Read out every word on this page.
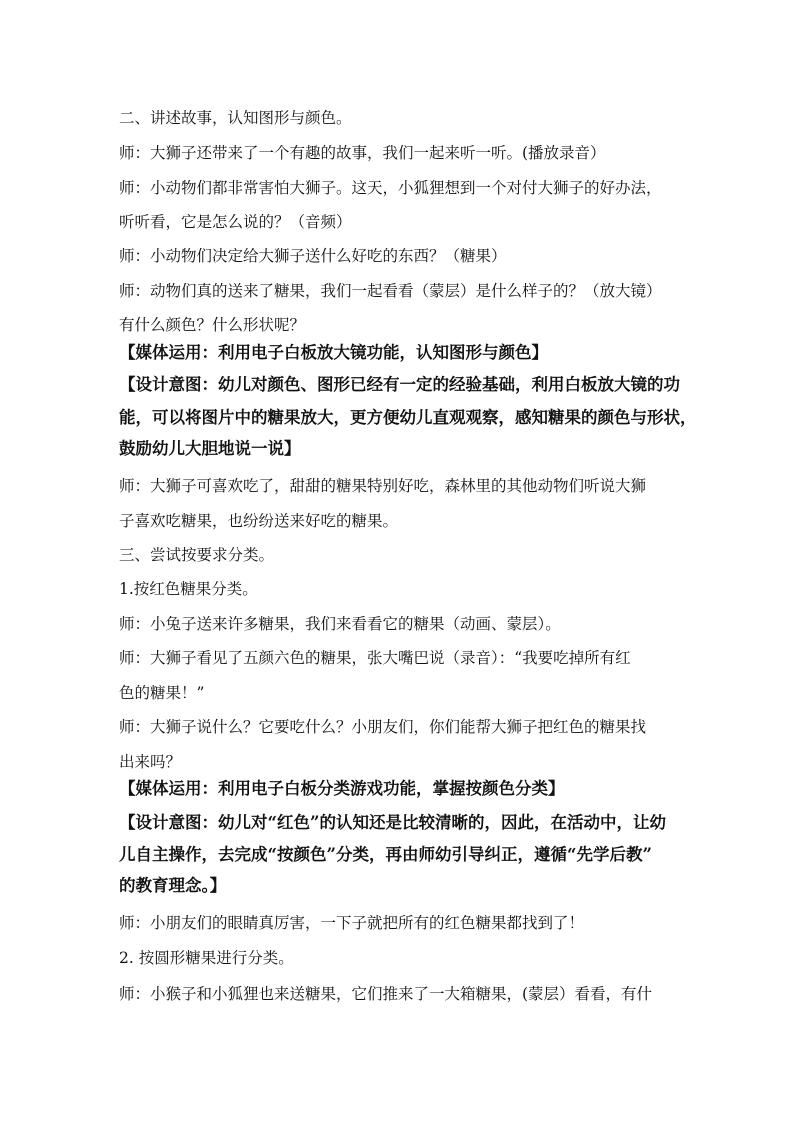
二、讲述故事，认知图形与颜色。
师：大狮子还带来了一个有趣的故事，我们一起来听一听。(播放录音）
师：小动物们都非常害怕大狮子。这天，小狐狸想到一个对付大狮子的好办法，
听听看，它是怎么说的？（音频）
师：小动物们决定给大狮子送什么好吃的东西？（糖果）
师：动物们真的送来了糖果，我们一起看看（蒙层）是什么样子的？（放大镜）
有什么颜色？什么形状呢？
【媒体运用：利用电子白板放大镜功能，认知图形与颜色】
【设计意图：幼儿对颜色、图形已经有一定的经验基础，利用白板放大镜的功
能，可以将图片中的糖果放大，更方便幼儿直观观察，感知糖果的颜色与形状，
鼓励幼儿大胆地说一说】
师：大狮子可喜欢吃了，甜甜的糖果特别好吃，森林里的其他动物们听说大狮
子喜欢吃糖果，也纷纷送来好吃的糖果。
三、尝试按要求分类。
1.按红色糖果分类。
师：小兔子送来许多糖果，我们来看看它的糖果（动画、蒙层）。
师：大狮子看见了五颜六色的糖果，张大嘴巴说（录音）：“我要吃掉所有红
色的糖果！”
师：大狮子说什么？它要吃什么？小朋友们，你们能帮大狮子把红色的糖果找
出来吗？
【媒体运用：利用电子白板分类游戏功能，掌握按颜色分类】
【设计意图：幼儿对“红色”的认知还是比较清晰的，因此，在活动中，让幼
儿自主操作，去完成“按颜色”分类，再由师幼引导纠正，遵循“先学后教”
的教育理念。】
师：小朋友们的眼睛真厉害，一下子就把所有的红色糖果都找到了！
2. 按圆形糖果进行分类。
师：小猴子和小狐狸也来送糖果，它们推来了一大箱糖果，(蒙层）看看，有什
